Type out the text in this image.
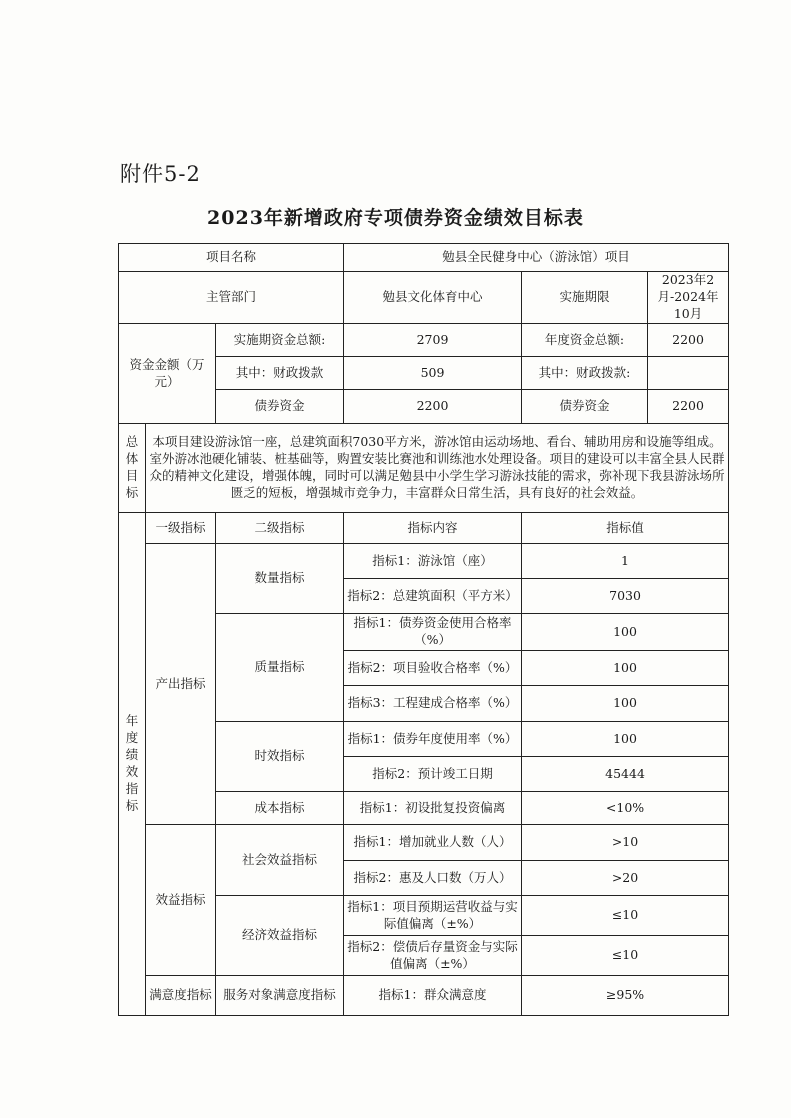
附件5-2
2023年新增政府专项债券资金绩效目标表
项目名称			勉县全民健身中心（游泳馆）项目		
主管部门			勉县文化体育中心	实施期限	2023年2月-2024年10月
资金金额（万元）		实施期资金总额:	2709	年度资金总额:	2200
		其中：财政拨款	509	其中：财政拨款:	
		债券资金	2200	债券资金	2200

总体目标	本项目建设游泳馆一座，总建筑面积7030平方米，游冰馆由运动场地、看台、辅助用房和设施等组成。室外游冰池硬化铺装、桩基础等，购置安装比赛池和训练池水处理设备。项目的建设可以丰富全县人民群众的精神文化建设，增强体魄，同时可以满足勉县中小学生学习游泳技能的需求，弥补现下我县游泳场所匮乏的短板，增强城市竞争力，丰富群众日常生活，具有良好的社会效益。				

年度绩效指标	一级指标	二级指标	指标内容	指标值	
	产出指标	数量指标	指标1：游泳馆（座）	1	
			指标2：总建筑面积（平方米）	7030	
		质量指标	指标1：债券资金使用合格率（%）	100	
			指标2：项目验收合格率（%）	100	
			指标3：工程建成合格率（%）	100	
		时效指标	指标1：债券年度使用率（%）	100	
			指标2：预计竣工日期	45444	
		成本指标	指标1：初设批复投资偏离	<10%	
	效益指标	社会效益指标	指标1：增加就业人数（人）	>10	
			指标2：惠及人口数（万人）	>20	
		经济效益指标	指标1：项目预期运营收益与实际值偏离（±%）	≤10	
			指标2：偿债后存量资金与实际值偏离（±%）	≤10	
	满意度指标	服务对象满意度指标	指标1：群众满意度	≥95%	
